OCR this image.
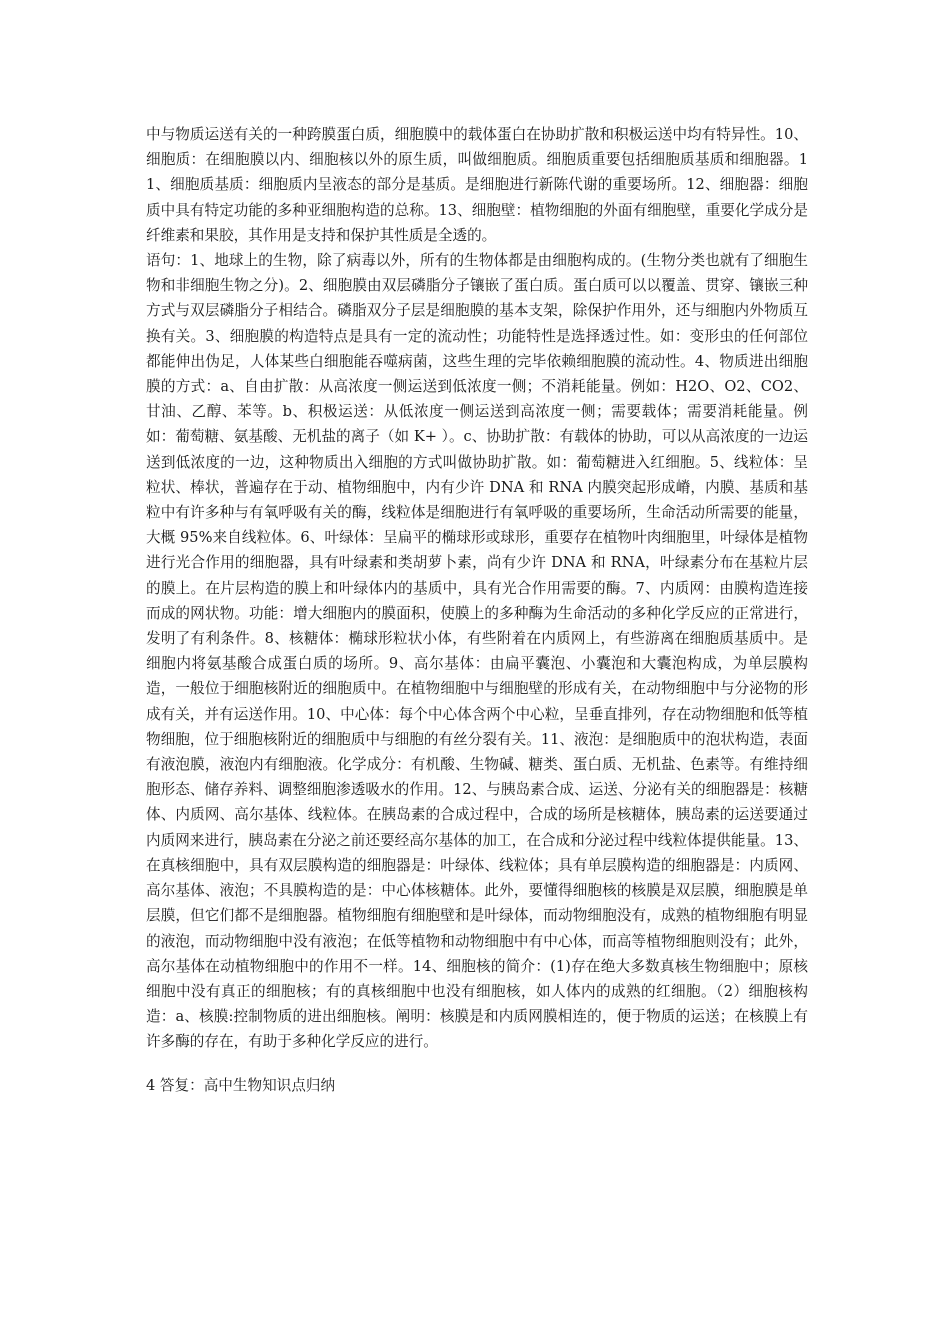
中与物质运送有关的一种跨膜蛋白质，细胞膜中的载体蛋白在协助扩散和积极运送中均有特异性。10、细胞质：在细胞膜以内、细胞核以外的原生质，叫做细胞质。细胞质重要包括细胞质基质和细胞器。11、细胞质基质：细胞质内呈液态的部分是基质。是细胞进行新陈代谢的重要场所。12、细胞器：细胞质中具有特定功能的多种亚细胞构造的总称。13、细胞壁：植物细胞的外面有细胞壁，重要化学成分是纤维素和果胶，其作用是支持和保护其性质是全透的。

语句：1、地球上的生物，除了病毒以外，所有的生物体都是由细胞构成的。(生物分类也就有了细胞生物和非细胞生物之分)。2、细胞膜由双层磷脂分子镶嵌了蛋白质。蛋白质可以以覆盖、贯穿、镶嵌三种方式与双层磷脂分子相结合。磷脂双分子层是细胞膜的基本支架，除保护作用外，还与细胞内外物质互换有关。3、细胞膜的构造特点是具有一定的流动性；功能特性是选择透过性。如：变形虫的任何部位都能伸出伪足，人体某些白细胞能吞噬病菌，这些生理的完毕依赖细胞膜的流动性。4、物质进出细胞膜的方式：a、自由扩散：从高浓度一侧运送到低浓度一侧；不消耗能量。例如：H2O、O2、CO2、甘油、乙醇、苯等。b、积极运送：从低浓度一侧运送到高浓度一侧；需要载体；需要消耗能量。例如：葡萄糖、氨基酸、无机盐的离子（如 K+ ）。c、协助扩散：有载体的协助，可以从高浓度的一边运送到低浓度的一边，这种物质出入细胞的方式叫做协助扩散。如：葡萄糖进入红细胞。5、线粒体：呈粒状、棒状，普遍存在于动、植物细胞中，内有少许 DNA 和 RNA 内膜突起形成嵴，内膜、基质和基粒中有许多种与有氧呼吸有关的酶，线粒体是细胞进行有氧呼吸的重要场所，生命活动所需要的能量，大概 95%来自线粒体。6、叶绿体：呈扁平的椭球形或球形，重要存在植物叶肉细胞里，叶绿体是植物进行光合作用的细胞器，具有叶绿素和类胡萝卜素，尚有少许 DNA 和 RNA，叶绿素分布在基粒片层的膜上。在片层构造的膜上和叶绿体内的基质中，具有光合作用需要的酶。7、内质网：由膜构造连接而成的网状物。功能：增大细胞内的膜面积，使膜上的多种酶为生命活动的多种化学反应的正常进行，发明了有利条件。8、核糖体：椭球形粒状小体，有些附着在内质网上，有些游离在细胞质基质中。是细胞内将氨基酸合成蛋白质的场所。9、高尔基体：由扁平囊泡、小囊泡和大囊泡构成，为单层膜构造，一般位于细胞核附近的细胞质中。在植物细胞中与细胞壁的形成有关，在动物细胞中与分泌物的形成有关，并有运送作用。10、中心体：每个中心体含两个中心粒，呈垂直排列，存在动物细胞和低等植物细胞，位于细胞核附近的细胞质中与细胞的有丝分裂有关。11、液泡：是细胞质中的泡状构造，表面有液泡膜，液泡内有细胞液。化学成分：有机酸、生物碱、糖类、蛋白质、无机盐、色素等。有维持细胞形态、储存养料、调整细胞渗透吸水的作用。12、与胰岛素合成、运送、分泌有关的细胞器是：核糖体、内质网、高尔基体、线粒体。在胰岛素的合成过程中，合成的场所是核糖体，胰岛素的运送要通过内质网来进行，胰岛素在分泌之前还要经高尔基体的加工，在合成和分泌过程中线粒体提供能量。13、在真核细胞中，具有双层膜构造的细胞器是：叶绿体、线粒体；具有单层膜构造的细胞器是：内质网、高尔基体、液泡；不具膜构造的是：中心体核糖体。此外，要懂得细胞核的核膜是双层膜，细胞膜是单层膜，但它们都不是细胞器。植物细胞有细胞壁和是叶绿体，而动物细胞没有，成熟的植物细胞有明显的液泡，而动物细胞中没有液泡；在低等植物和动物细胞中有中心体，而高等植物细胞则没有；此外，高尔基体在动植物细胞中的作用不一样。14、细胞核的简介：(1)存在绝大多数真核生物细胞中；原核细胞中没有真正的细胞核；有的真核细胞中也没有细胞核，如人体内的成熟的红细胞。（2）细胞核构造：a、核膜:控制物质的进出细胞核。阐明：核膜是和内质网膜相连的，便于物质的运送；在核膜上有许多酶的存在，有助于多种化学反应的进行。

4 答复：高中生物知识点归纳
